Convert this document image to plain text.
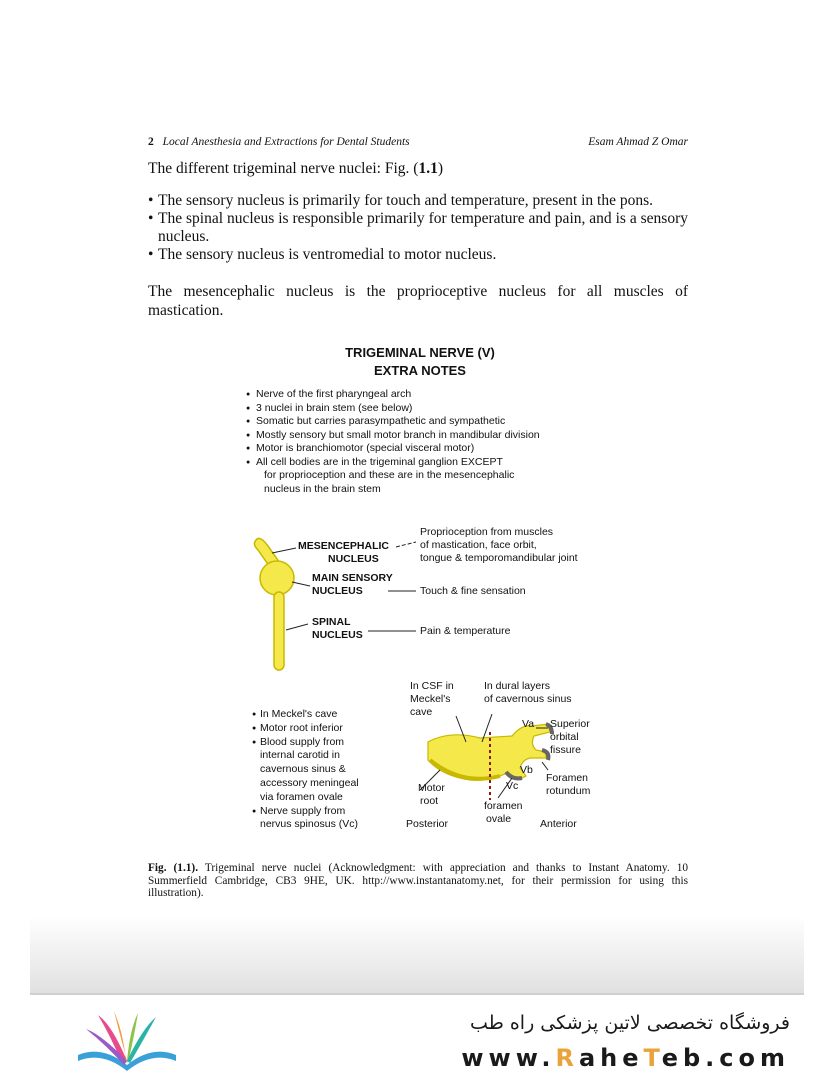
2 Local Anesthesia and Extractions for Dental Students	Esam Ahmad Z Omar
The different trigeminal nerve nuclei: Fig. (1.1)
• The sensory nucleus is primarily for touch and temperature, present in the pons.
• The spinal nucleus is responsible primarily for temperature and pain, and is a sensory nucleus.
• The sensory nucleus is ventromedial to motor nucleus.
The mesencephalic nucleus is the proprioceptive nucleus for all muscles of mastication.
TRIGEMINAL NERVE (V)
EXTRA NOTES
● Nerve of the first pharyngeal arch
● 3 nuclei in brain stem (see below)
● Somatic but carries parasympathetic and sympathetic
● Mostly sensory but small motor branch in mandibular division
● Motor is branchiomotor (special visceral motor)
● All cell bodies are in the trigeminal ganglion EXCEPT
for proprioception and these are in the mesencephalic
nucleus in the brain stem
MESENCEPHALIC
NUCLEUS
MAIN SENSORY
NUCLEUS
SPINAL
NUCLEUS
Proprioception from muscles
of mastication, face orbit,
tongue & temporomandibular joint
Touch & fine sensation
Pain & temperature
● In Meckel's cave
● Motor root inferior
● Blood supply from
internal carotid in
cavernous sinus &
accessory meningeal
via foramen ovale
● Nerve supply from
nervus spinosus (Vc)
In CSF in
Meckel's
cave
In dural layers
of cavernous sinus
Va Superior
orbital
fissure
Vb
Foramen
rotundum
Vc
Motor
root	foramen
ovale
Posterior	Anterior
Fig. (1.1). Trigeminal nerve nuclei (Acknowledgment: with appreciation and thanks to Instant Anatomy. 10 Summerfield Cambridge, CB3 9HE, UK. http://www.instantanatomy.net, for their permission for using this illustration).
فروشگاه تخصصی لاتین پزشکی راه طب
www.RaheTeb.com
